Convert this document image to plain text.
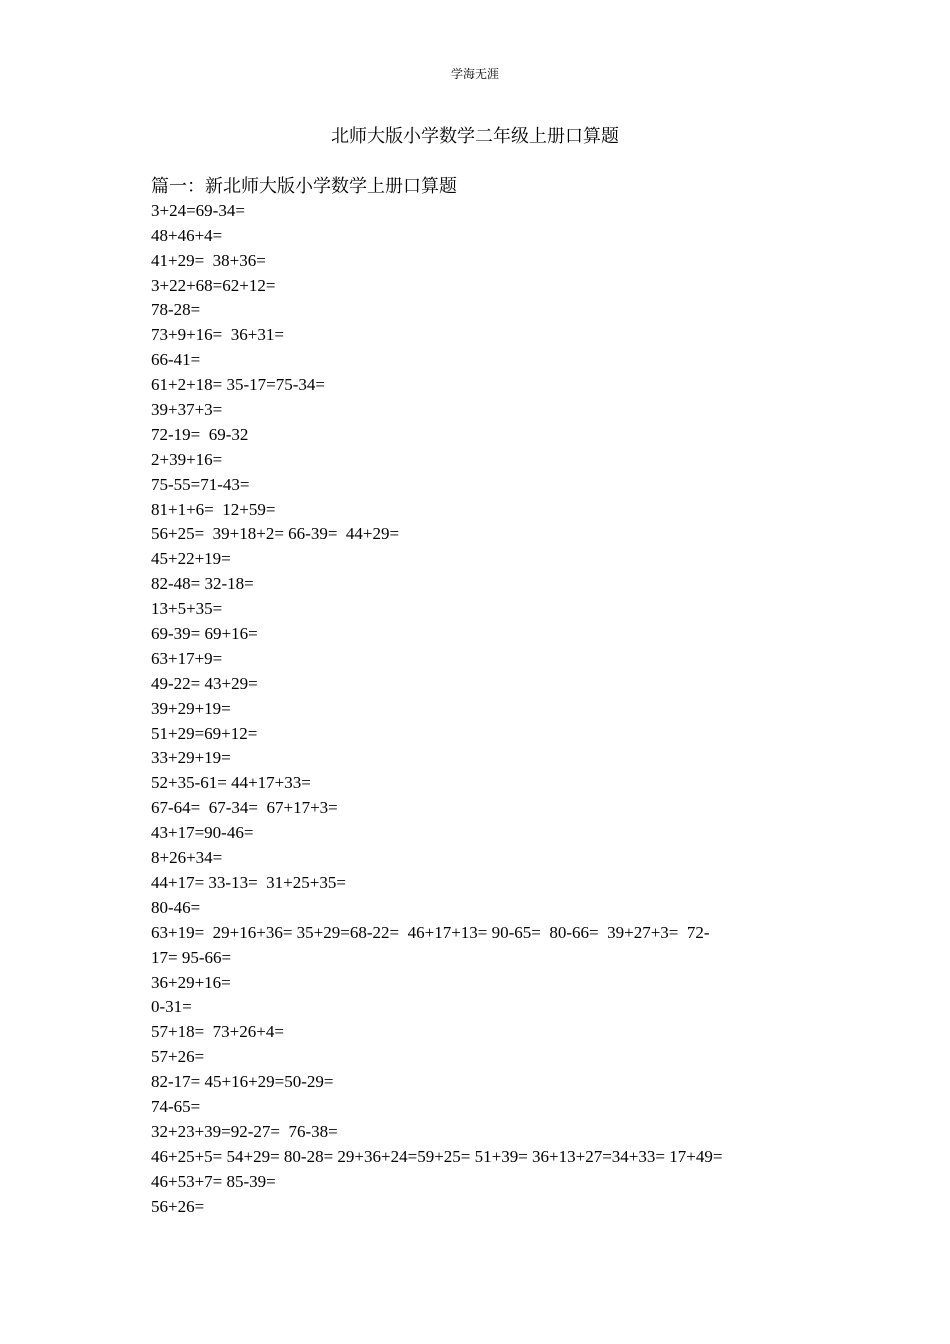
学海无涯
北师大版小学数学二年级上册口算题
篇一：新北师大版小学数学上册口算题
3+24=69-34=
48+46+4=
41+29=  38+36=
3+22+68=62+12=
78-28=
73+9+16=  36+31=
66-41=
61+2+18= 35-17=75-34=
39+37+3=
72-19=  69-32
2+39+16=
75-55=71-43=
81+1+6=  12+59=
56+25=  39+18+2= 66-39=  44+29=
45+22+19=
82-48= 32-18=
13+5+35=
69-39= 69+16=
63+17+9=
49-22= 43+29=
39+29+19=
51+29=69+12=
33+29+19=
52+35-61= 44+17+33=
67-64=  67-34=  67+17+3=
43+17=90-46=
8+26+34=
44+17= 33-13=  31+25+35=
80-46=
63+19=  29+16+36= 35+29=68-22=  46+17+13= 90-65=  80-66=  39+27+3=  72-
17= 95-66=
36+29+16=
0-31=
57+18=  73+26+4=
57+26=
82-17= 45+16+29=50-29=
74-65=
32+23+39=92-27=  76-38=
46+25+5= 54+29= 80-28= 29+36+24=59+25= 51+39= 36+13+27=34+33= 17+49=
46+53+7= 85-39=
56+26=
